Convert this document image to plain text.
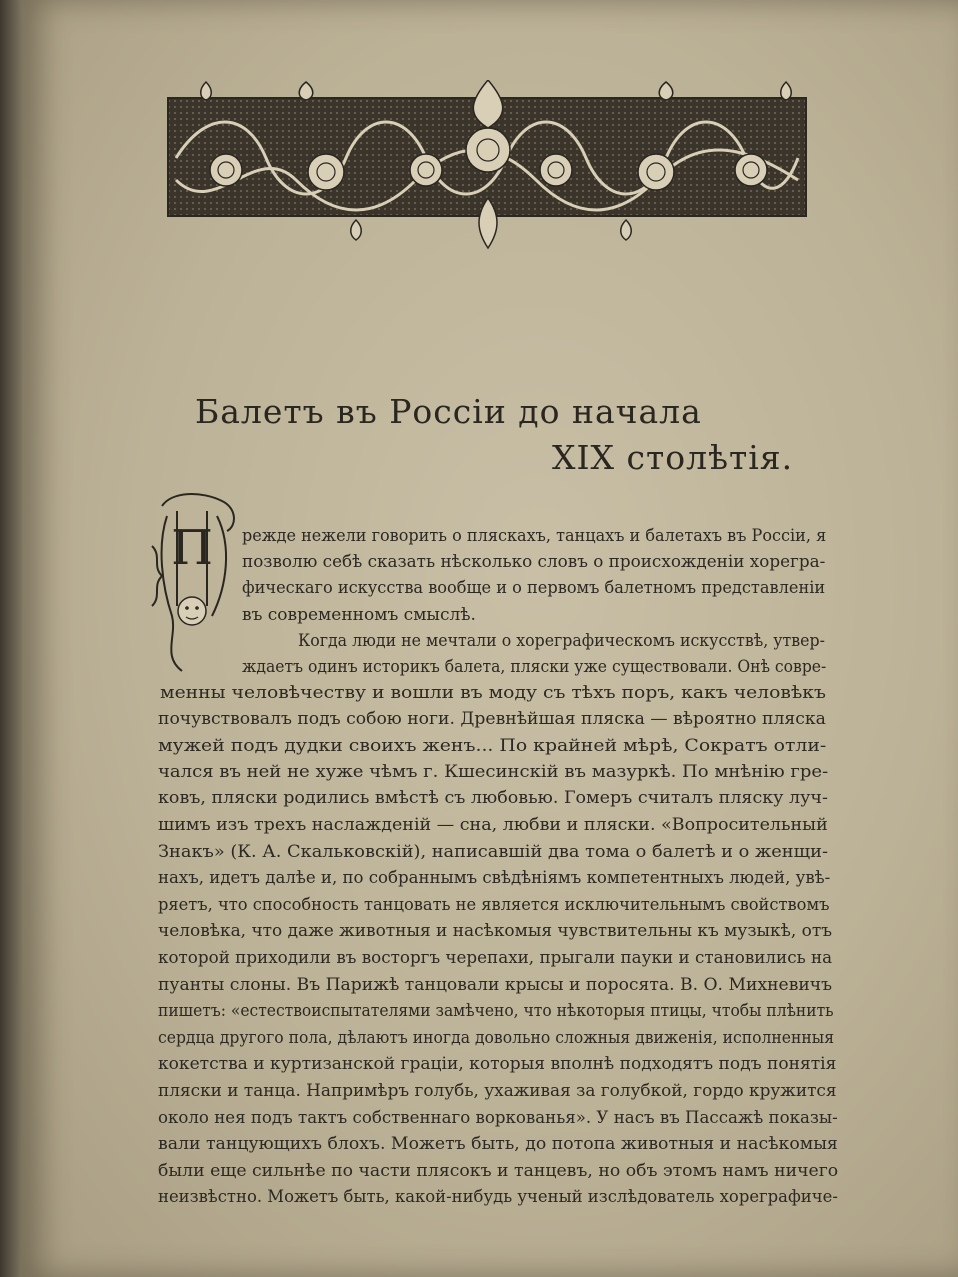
Балетъ въ Россіи до начала
XIX столѣтія.
П режде нежели говорить о пляскахъ, танцахъ и балетахъ въ Россіи, я
позволю себѣ сказать нѣсколько словъ о происхожденіи хорегра-
фическаго искусства вообще и о первомъ балетномъ представленіи
въ современномъ смыслѣ.
Когда люди не мечтали о хореграфическомъ искусствѣ, утвер-
ждаетъ одинъ историкъ балета, пляски уже существовали. Онѣ совре-
менны человѣчеству и вошли въ моду съ тѣхъ поръ, какъ человѣкъ
почувствовалъ подъ собою ноги. Древнѣйшая пляска — вѣроятно пляска
мужей подъ дудки своихъ женъ... По крайней мѣрѣ, Сократъ отли-
чался въ ней не хуже чѣмъ г. Кшесинскій въ мазуркѣ. По мнѣнію гре-
ковъ, пляски родились вмѣстѣ съ любовью. Гомеръ считалъ пляску луч-
шимъ изъ трехъ наслажденій — сна, любви и пляски. «Вопросительный
Знакъ» (К. А. Скальковскій), написавшій два тома о балетѣ и о женщи-
нахъ, идетъ далѣе и, по собраннымъ свѣдѣніямъ компетентныхъ людей, увѣ-
ряетъ, что способность танцовать не является исключительнымъ свойствомъ
человѣка, что даже животныя и насѣкомыя чувствительны къ музыкѣ, отъ
которой приходили въ восторгъ черепахи, прыгали пауки и становились на
пуанты слоны. Въ Парижѣ танцовали крысы и поросята. В. О. Михневичъ
пишетъ: «естествоиспытателями замѣчено, что нѣкоторыя птицы, чтобы плѣнить
сердца другого пола, дѣлаютъ иногда довольно сложныя движенія, исполненныя
кокетства и куртизанской граціи, которыя вполнѣ подходятъ подъ понятія
пляски и танца. Напримѣръ голубь, ухаживая за голубкой, гордо кружится
около нея подъ тактъ собственнаго воркованья». У насъ въ Пассажѣ показы-
вали танцующихъ блохъ. Можетъ быть, до потопа животныя и насѣкомыя
были еще сильнѣе по части плясокъ и танцевъ, но объ этомъ намъ ничего
неизвѣстно. Можетъ быть, какой-нибудь ученый изслѣдователь хореграфиче-
